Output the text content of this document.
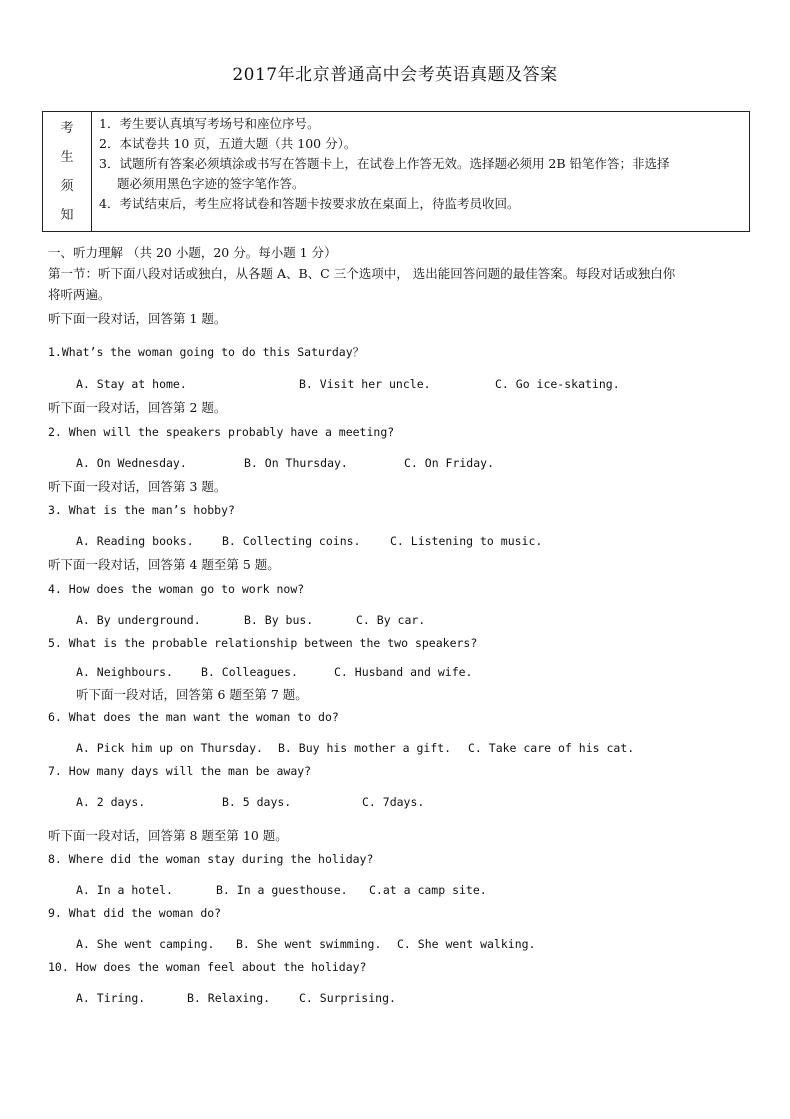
2017年北京普通高中会考英语真题及答案
考
生
须
知

1．考生要认真填写考场号和座位序号。
2．本试卷共 10 页，五道大题（共 100 分）。
3．试题所有答案必须填涂或书写在答题卡上，在试卷上作答无效。选择题必须用 2B 铅笔作答；非选择
题必须用黑色字迹的签字笔作答。
4．考试结束后，考生应将试卷和答题卡按要求放在桌面上，待监考员收回。
一、听力理解 （共 20 小题，20 分。每小题 1 分）
第一节：听下面八段对话或独白，从各题 A、B、C 三个选项中， 选出能回答问题的最佳答案。每段对话或独白你
将听两遍。
听下面一段对话，回答第 1 题。
1.What’s the woman going to do this Saturday？
A. Stay at home.	B. Visit her uncle.	C. Go ice-skating.
听下面一段对话，回答第 2 题。
2. When will the speakers probably have a meeting?
A. On Wednesday.	B. On Thursday.	C. On Friday.
听下面一段对话，回答第 3 题。
3. What is the man’s hobby?
A. Reading books. B. Collecting coins.	C. Listening to music.
听下面一段对话，回答第 4 题至第 5 题。
4. How does the woman go to work now?
A. By underground.	B. By bus.	C. By car.
5. What is the probable relationship between the two speakers?
A. Neighbours. B. Colleagues.	C. Husband and wife.
听下面一段对话，回答第 6 题至第 7 题。
6. What does the man want the woman to do?
A. Pick him up on Thursday. B. Buy his mother a gift. C. Take care of his cat.
7. How many days will the man be away?
A. 2 days.	B. 5 days.	C. 7days.
听下面一段对话，回答第 8 题至第 10 题。
8. Where did the woman stay during the holiday?
A. In a hotel.	B. In a guesthouse. C.at a camp site.
9. What did the woman do?
A. She went camping. B. She went swimming. C. She went walking.
10. How does the woman feel about the holiday?
A. Tiring.	B. Relaxing.	C. Surprising.
